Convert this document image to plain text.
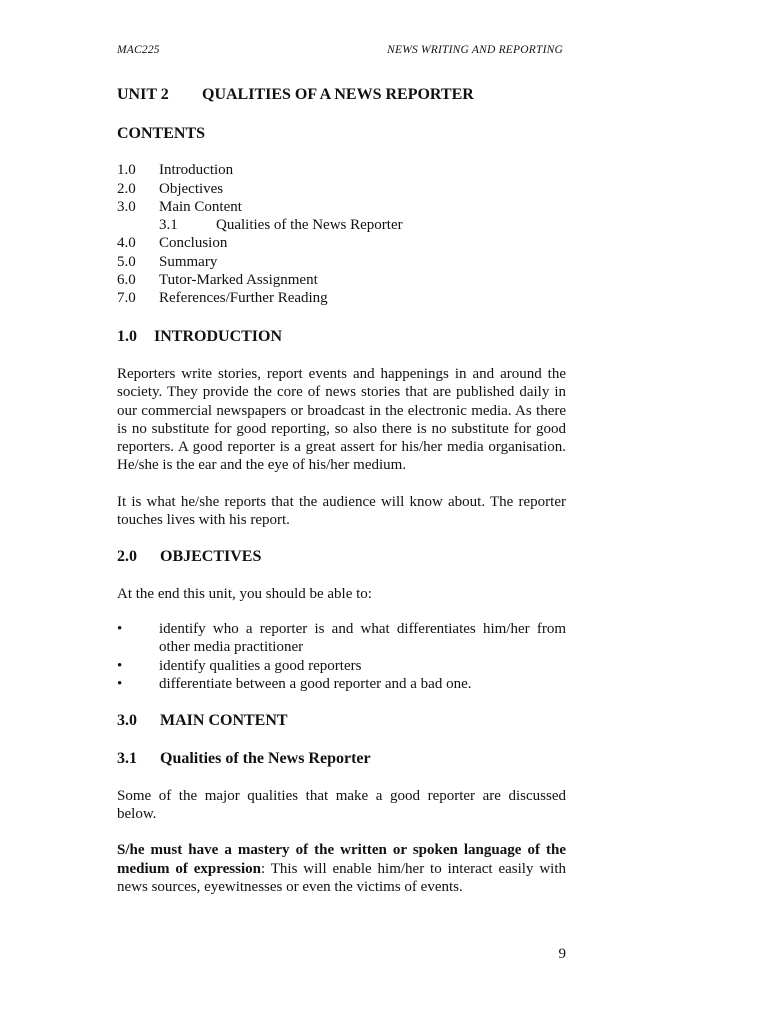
MAC225	NEWS WRITING AND REPORTING
UNIT 2	QUALITIES OF A NEWS REPORTER
CONTENTS
1.0	Introduction
2.0	Objectives
3.0	Main Content
3.1	Qualities of the News Reporter
4.0	Conclusion
5.0	Summary
6.0	Tutor-Marked Assignment
7.0	References/Further Reading
1.0	INTRODUCTION

Reporters write stories, report events and happenings in and around the society. They provide the core of news stories that are published daily in our commercial newspapers or broadcast in the electronic media. As there is no substitute for good reporting, so also there is no substitute for good reporters. A good reporter is a great assert for his/her media organisation. He/she is the ear and the eye of his/her medium.

It is what he/she reports that the audience will know about. The reporter touches lives with his report.

2.0	OBJECTIVES

At the end this unit, you should be able to:

•	identify who a reporter is and what differentiates him/her from other media practitioner
•	identify qualities a good reporters
•	differentiate between a good reporter and a bad one.
3.0	MAIN CONTENT
3.1	Qualities of the News Reporter

Some of the major qualities that make a good reporter are discussed below.

S/he must have a mastery of the written or spoken language of the medium of expression: This will enable him/her to interact easily with news sources, eyewitnesses or even the victims of events.

9
